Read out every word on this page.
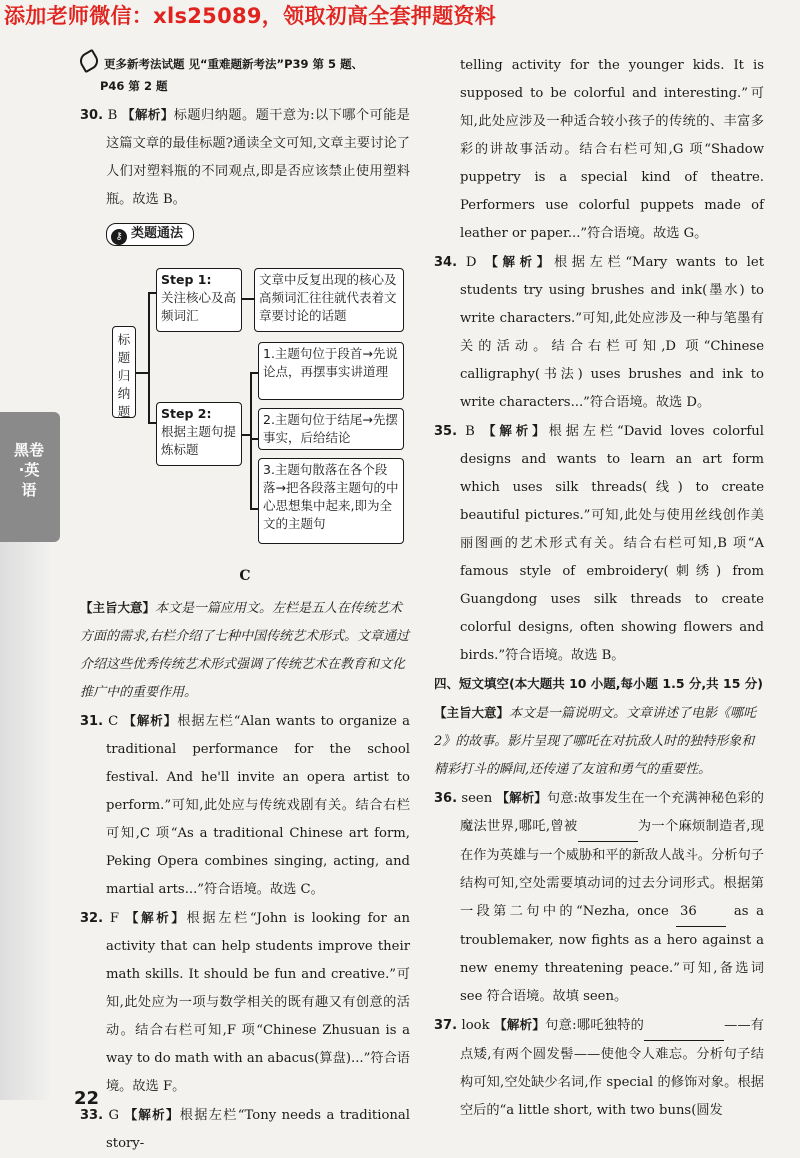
添加老师微信：xls25089，领取初高全套押题资料
黑卷·英语
更多新考法试题 见“重难题新考法”P39 第 5 题、
P46 第 2 题

30. B 【解析】标题归纳题。题干意为:以下哪个可能是这篇文章的最佳标题?通读全文可知,文章主要讨论了人们对塑料瓶的不同观点,即是否应该禁止使用塑料瓶。故选 B。

⚷ 类题通法
标题归纳题
Step 1:
关注核心及高频词汇
文章中反复出现的核心及高频词汇往往就代表着文章要讨论的话题
Step 2:
根据主题句提炼标题
1.主题句位于段首→先说论点，再摆事实讲道理
2.主题句位于结尾→先摆事实，后给结论
3.主题句散落在各个段落→把各段落主题句的中心思想集中起来,即为全文的主题句
C

【主旨大意】本文是一篇应用文。左栏是五人在传统艺术方面的需求,右栏介绍了七种中国传统艺术形式。文章通过介绍这些优秀传统艺术形式强调了传统艺术在教育和文化推广中的重要作用。

31. C 【解析】根据左栏“Alan wants to organize a traditional performance for the school festival. And he'll invite an opera artist to perform.”可知,此处应与传统戏剧有关。结合右栏可知,C 项“As a traditional Chinese art form, Peking Opera combines singing, acting, and martial arts...”符合语境。故选 C。

32. F 【解析】根据左栏“John is looking for an activity that can help students improve their math skills. It should be fun and creative.”可知,此处应为一项与数学相关的既有趣又有创意的活动。结合右栏可知,F 项“Chinese Zhusuan is a way to do math with an abacus(算盘)...”符合语境。故选 F。

33. G 【解析】根据左栏“Tony needs a traditional story-

telling activity for the younger kids. It is supposed to be colorful and interesting.”可知,此处应涉及一种适合较小孩子的传统的、丰富多彩的讲故事活动。结合右栏可知,G 项“Shadow puppetry is a special kind of theatre. Performers use colorful puppets made of leather or paper...”符合语境。故选 G。

34. D 【解析】根据左栏“Mary wants to let students try using brushes and ink(墨水) to write characters.”可知,此处应涉及一种与笔墨有关的活动。结合右栏可知,D 项“Chinese calligraphy(书法) uses brushes and ink to write characters...”符合语境。故选 D。

35. B 【解析】根据左栏“David loves colorful designs and wants to learn an art form which uses silk threads(线) to create beautiful pictures.”可知,此处与使用丝线创作美丽图画的艺术形式有关。结合右栏可知,B 项“A famous style of embroidery(刺绣) from Guangdong uses silk threads to create colorful designs, often showing flowers and birds.”符合语境。故选 B。

四、短文填空(本大题共 10 小题,每小题 1.5 分,共 15 分)

【主旨大意】本文是一篇说明文。文章讲述了电影《哪吒2》的故事。影片呈现了哪吒在对抗敌人时的独特形象和精彩打斗的瞬间,还传递了友谊和勇气的重要性。

36. seen 【解析】句意:故事发生在一个充满神秘色彩的魔法世界,哪吒,曾被	为一个麻烦制造者,现在作为英雄与一个威胁和平的新敌人战斗。分析句子结构可知,空处需要填动词的过去分词形式。根据第一段第二句中的“Nezha, once 36	as a troublemaker, now fights as a hero against a new enemy threatening peace.”可知,备选词 see 符合语境。故填 seen。

37. look 【解析】句意:哪吒独特的	——有点矮,有两个圆发髻——使他令人难忘。分析句子结构可知,空处缺少名词,作 special 的修饰对象。根据空后的“a little short, with two buns(圆发

22
